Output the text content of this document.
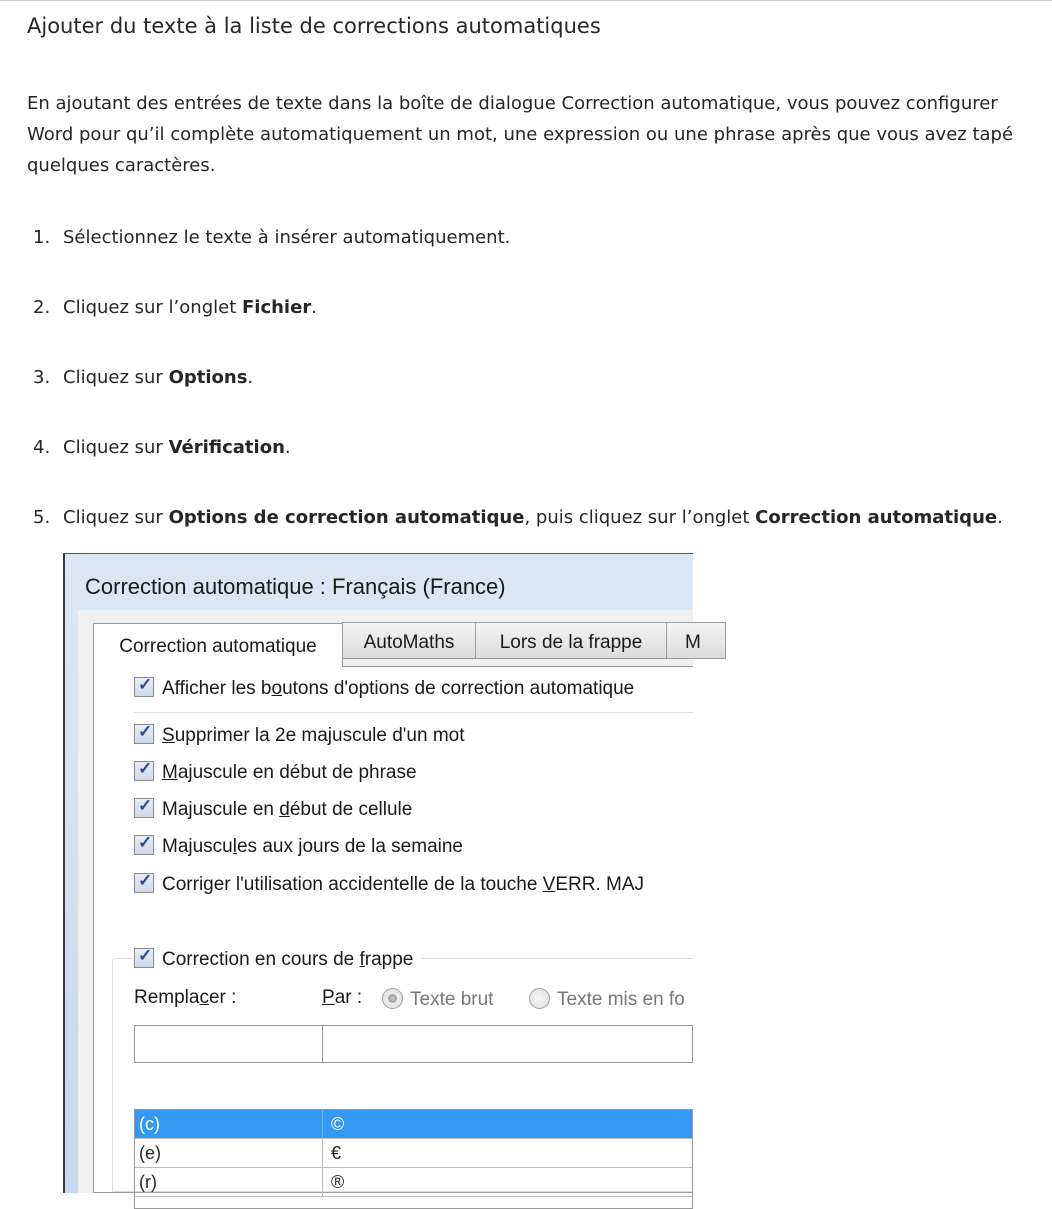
Ajouter du texte à la liste de corrections automatiques

En ajoutant des entrées de texte dans la boîte de dialogue Correction automatique, vous pouvez configurer Word pour qu’il complète automatiquement un mot, une expression ou une phrase après que vous avez tapé quelques caractères.

1. Sélectionnez le texte à insérer automatiquement.
2. Cliquez sur l’onglet Fichier.
3. Cliquez sur Options.
4. Cliquez sur Vérification.
5. Cliquez sur Options de correction automatique, puis cliquez sur l’onglet Correction automatique.
Correction automatique : Français (France)
✓Afficher les boutons d'options de correction automatique
✓Supprimer la 2e majuscule d'un mot
✓Majuscule en début de phrase
✓Majuscule en début de cellule
✓Majuscules aux jours de la semaine
✓Corriger l'utilisation accidentelle de la touche VERR. MAJ
✓Correction en cours de frappe
Remplacer :	Par :	Texte brut	Texte mis en fo
(c)	©
(e)	€
(r)	®
Correction automatique	AutoMaths	Lors de la frappe	M
